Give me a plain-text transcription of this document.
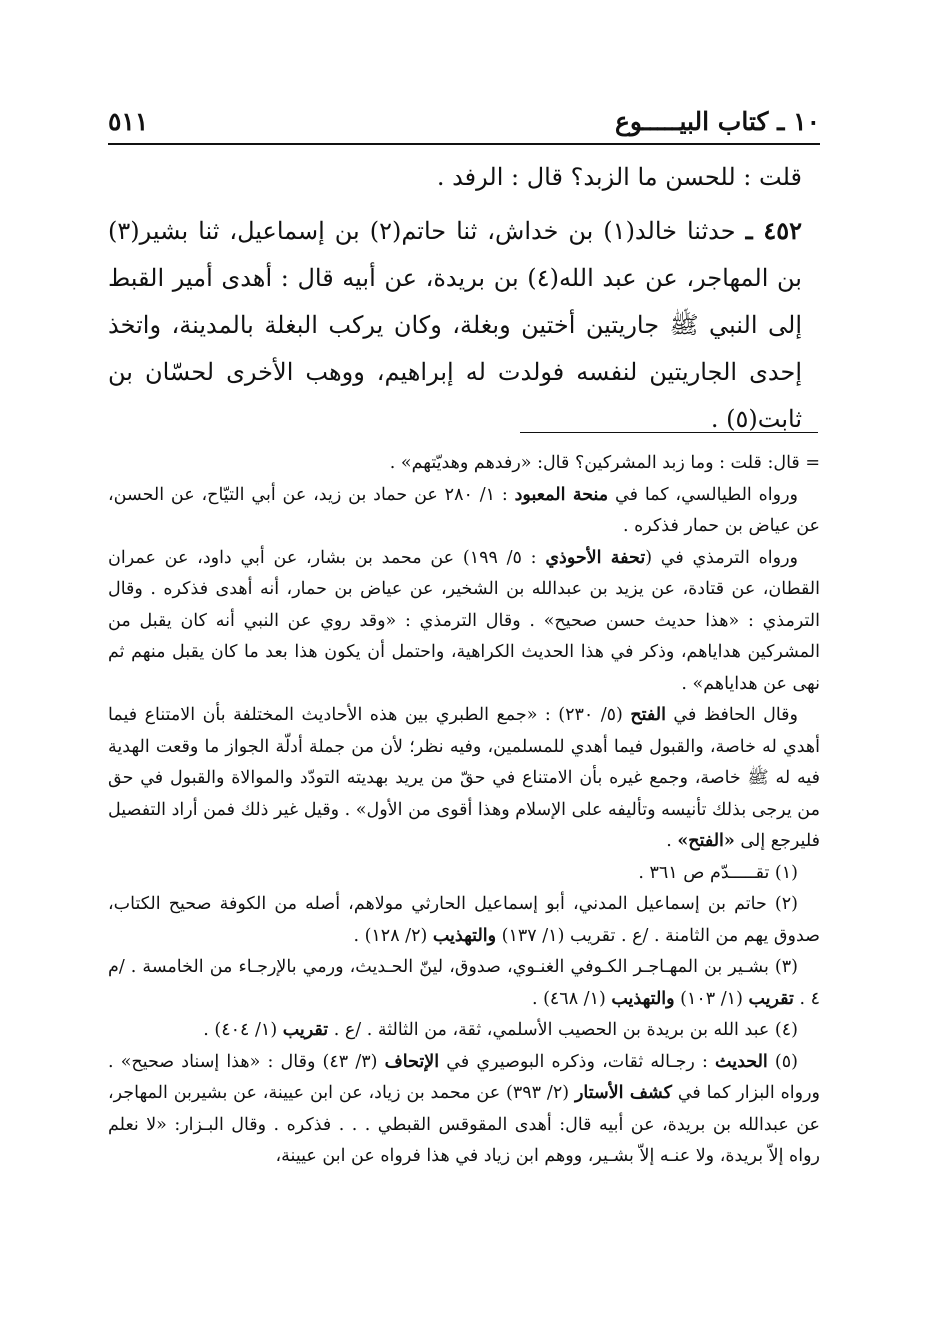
١٠ ـ كتاب البيـــــوع
٥١١

قلت : للحسن ما الزبد؟ قال : الرفد .

٤٥٢ ـ حدثنا خالد(١) بن خداش، ثنا حاتم(٢) بن إسماعيل، ثنا بشير(٣) بن المهاجر، عن عبد الله(٤) بن بريدة، عن أبيه قال : أهدى أمير القبط إلى النبي ﷺ جاريتين أختين وبغلة، وكان يركب البغلة بالمدينة، واتخذ إحدى الجاريتين لنفسه فولدت له إبراهيم، ووهب الأخرى لحسّان بن ثابت(٥) .

= قال: قلت : وما زبد المشركين؟ قال: «رفدهم وهديّتهم» .

ورواه الطيالسي، كما في منحة المعبود : ١/ ٢٨٠ عن حماد بن زيد، عن أبي التيّاح، عن الحسن، عن عياض بن حمار فذكره .

ورواه الترمذي في (تحفة الأحوذي : ٥/ ١٩٩) عن محمد بن بشار، عن أبي داود، عن عمران القطان، عن قتادة، عن يزيد بن عبدالله بن الشخير، عن عياض بن حمار، أنه أهدى فذكره . وقال الترمذي : «هذا حديث حسن صحيح» . وقال الترمذي : «وقد روي عن النبي أنه كان يقبل من المشركين هداياهم، وذكر في هذا الحديث الكراهية، واحتمل أن يكون هذا بعد ما كان يقبل منهم ثم نهى عن هداياهم» .

وقال الحافظ في الفتح (٥/ ٢٣٠) : «جمع الطبري بين هذه الأحاديث المختلفة بأن الامتناع فيما أهدي له خاصة، والقبول فيما أهدي للمسلمين، وفيه نظر؛ لأن من جملة أدلّة الجواز ما وقعت الهدية فيه له ﷺ خاصة، وجمع غيره بأن الامتناع في حقّ من يريد بهديته التودّد والموالاة والقبول في حق من يرجى بذلك تأنيسه وتأليفه على الإسلام وهذا أقوى من الأول» . وقيل غير ذلك فمن أراد التفصيل فليرجع إلى «الفتح» .

(١) تقـــــدّم ص ٣٦١ .

(٢) حاتم بن إسماعيل المدني، أبو إسماعيل الحارثي مولاهم، أصله من الكوفة صحيح الكتاب، صدوق يهم من الثامنة . /ع . تقريب (١/ ١٣٧) والتهذيب (٢/ ١٢٨) .

(٣) بشـير بن المهـاجـر الكـوفي الغنـوي، صدوق، لينّ الحـديث، ورمي بالإرجـاء من الخامسة . /م ٤ . تقريب (١/ ١٠٣) والتهذيب (١/ ٤٦٨) .

(٤) عبد الله بن بريدة بن الحصيب الأسلمي، ثقة، من الثالثة . /ع . تقريب (١/ ٤٠٤) .

(٥) الحديث : رجـاله ثقات، وذكره البوصيري في الإتحاف (٣/ ٤٣) وقال : «هذا إسناد صحيح» . ورواه البزار كما في كشف الأستار (٢/ ٣٩٣) عن محمد بن زياد، عن ابن عيينة، عن بشيربن المهاجر، عن عبدالله بن بريدة، عن أبيه قال: أهدى المقوقس القبطي . . . فذكره . وقال البـزار: «لا نعلم رواه إلاّ بريدة، ولا عنـه إلاّ بشـير، ووهم ابن زياد في هذا فرواه عن ابن عيينة،
